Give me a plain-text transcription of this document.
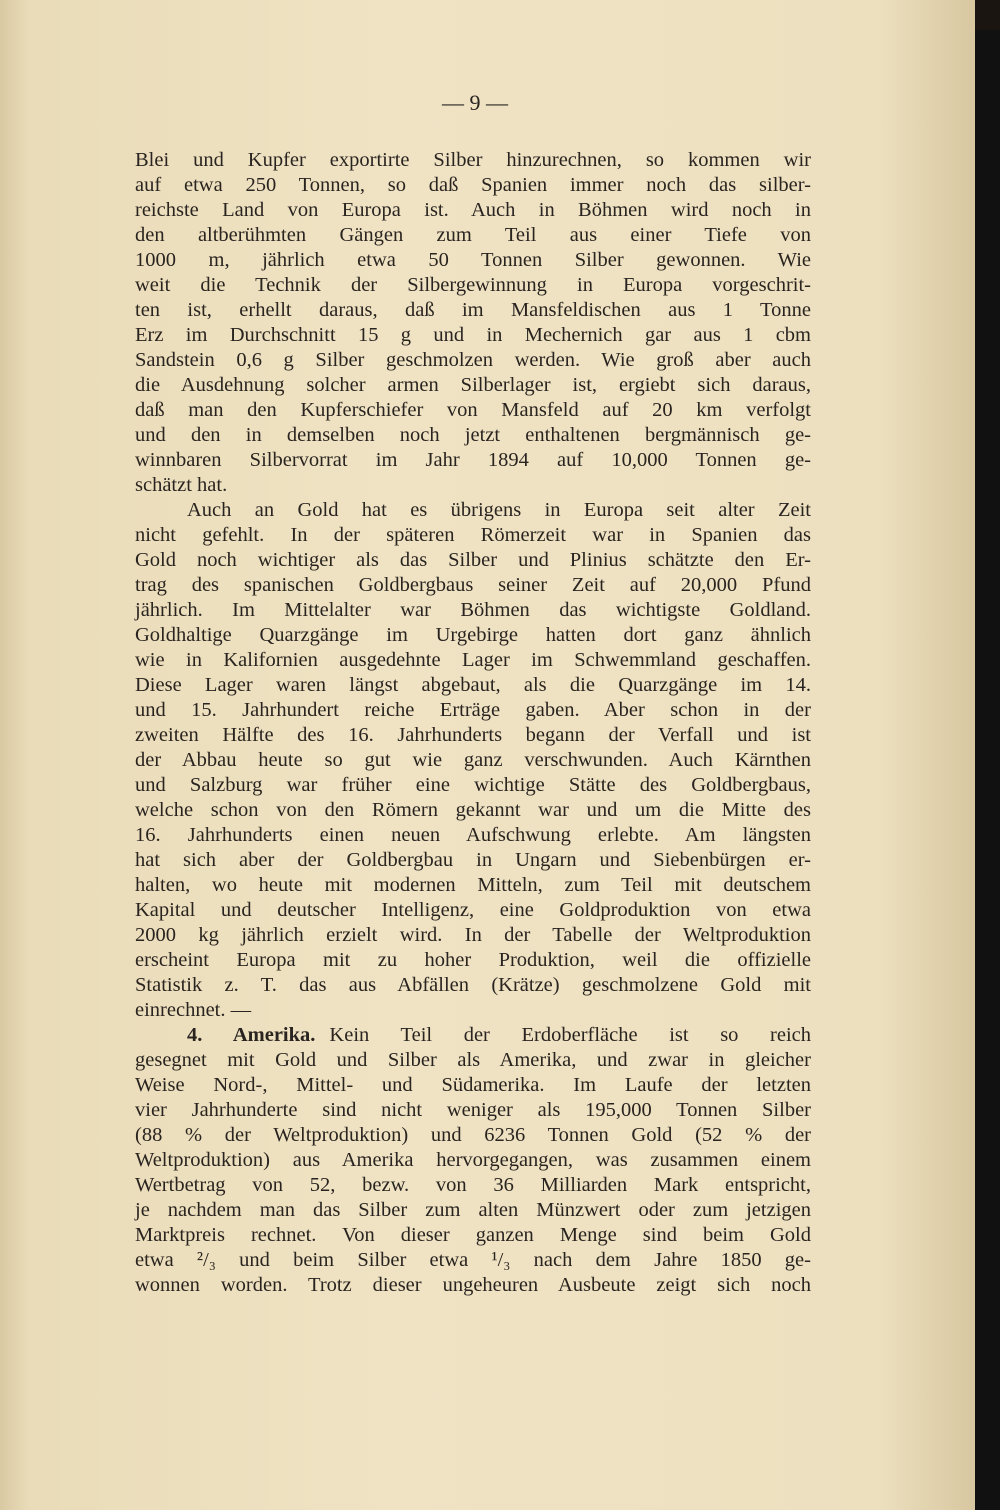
— 9 —
Blei und Kupfer exportirte Silber hinzurechnen, so kommen wir
auf etwa 250 Tonnen, so daß Spanien immer noch das silber-
reichste Land von Europa ist. Auch in Böhmen wird noch in
den altberühmten Gängen zum Teil aus einer Tiefe von
1000 m, jährlich etwa 50 Tonnen Silber gewonnen. Wie
weit die Technik der Silbergewinnung in Europa vorgeschrit-
ten ist, erhellt daraus, daß im Mansfeldischen aus 1 Tonne
Erz im Durchschnitt 15 g und in Mechernich gar aus 1 cbm
Sandstein 0,6 g Silber geschmolzen werden. Wie groß aber auch
die Ausdehnung solcher armen Silberlager ist, ergiebt sich daraus,
daß man den Kupferschiefer von Mansfeld auf 20 km verfolgt
und den in demselben noch jetzt enthaltenen bergmännisch ge-
winnbaren Silbervorrat im Jahr 1894 auf 10,000 Tonnen ge-
schätzt hat.
Auch an Gold hat es übrigens in Europa seit alter Zeit
nicht gefehlt. In der späteren Römerzeit war in Spanien das
Gold noch wichtiger als das Silber und Plinius schätzte den Er-
trag des spanischen Goldbergbaus seiner Zeit auf 20,000 Pfund
jährlich. Im Mittelalter war Böhmen das wichtigste Goldland.
Goldhaltige Quarzgänge im Urgebirge hatten dort ganz ähnlich
wie in Kalifornien ausgedehnte Lager im Schwemmland geschaffen.
Diese Lager waren längst abgebaut, als die Quarzgänge im 14.
und 15. Jahrhundert reiche Erträge gaben. Aber schon in der
zweiten Hälfte des 16. Jahrhunderts begann der Verfall und ist
der Abbau heute so gut wie ganz verschwunden. Auch Kärnthen
und Salzburg war früher eine wichtige Stätte des Goldbergbaus,
welche schon von den Römern gekannt war und um die Mitte des
16. Jahrhunderts einen neuen Aufschwung erlebte. Am längsten
hat sich aber der Goldbergbau in Ungarn und Siebenbürgen er-
halten, wo heute mit modernen Mitteln, zum Teil mit deutschem
Kapital und deutscher Intelligenz, eine Goldproduktion von etwa
2000 kg jährlich erzielt wird. In der Tabelle der Weltproduktion
erscheint Europa mit zu hoher Produktion, weil die offizielle
Statistik z. T. das aus Abfällen (Krätze) geschmolzene Gold mit
einrechnet. —
4. Amerika. Kein Teil der Erdoberfläche ist so reich
gesegnet mit Gold und Silber als Amerika, und zwar in gleicher
Weise Nord-, Mittel- und Südamerika. Im Laufe der letzten
vier Jahrhunderte sind nicht weniger als 195,000 Tonnen Silber
(88 % der Weltproduktion) und 6236 Tonnen Gold (52 % der
Weltproduktion) aus Amerika hervorgegangen, was zusammen einem
Wertbetrag von 52, bezw. von 36 Milliarden Mark entspricht,
je nachdem man das Silber zum alten Münzwert oder zum jetzigen
Marktpreis rechnet. Von dieser ganzen Menge sind beim Gold
etwa ²/₃ und beim Silber etwa ¹/₃ nach dem Jahre 1850 ge-
wonnen worden. Trotz dieser ungeheuren Ausbeute zeigt sich noch
